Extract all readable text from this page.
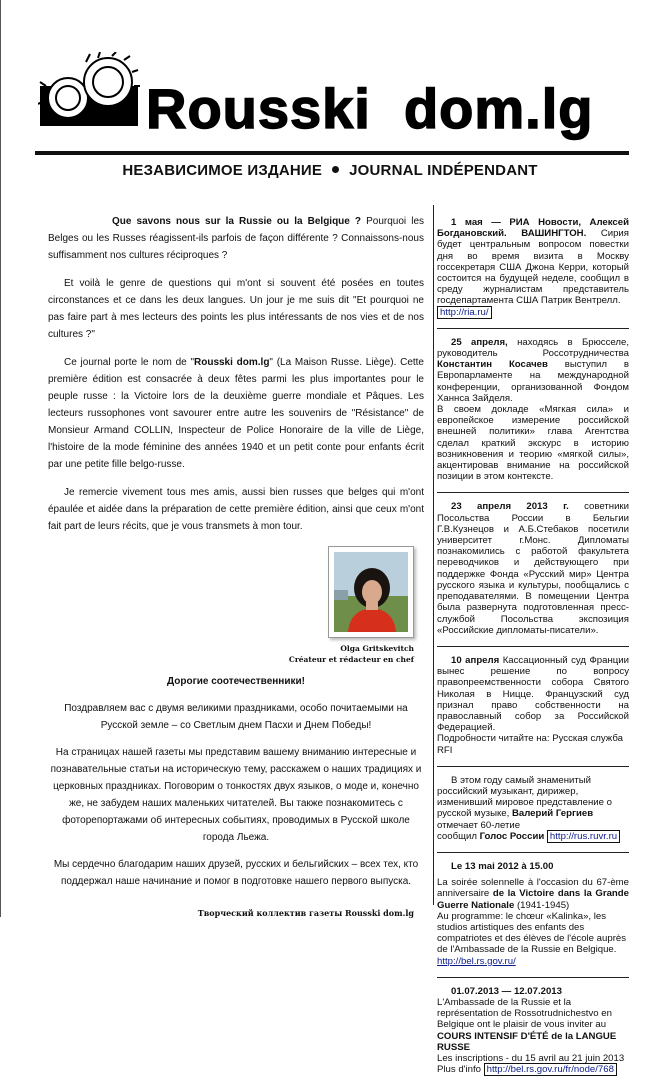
Rousski  dom.lg
НЕЗАВИСИМОЕ ИЗДАНИЕ JOURNAL INDÉPENDANT
Que savons nous sur la Russie ou la Belgique ? Pourquoi les Belges ou les Russes réagissent-ils parfois de façon différente ? Connaissons-nous suffisamment nos cultures réciproques ?
Et voilà le genre de questions qui m'ont si souvent été posées en toutes circonstances et ce dans les deux langues. Un jour je me suis dit "Et pourquoi ne pas faire part à mes lecteurs des points les plus intéressants de nos vies et de nos cultures ?"
Ce journal porte le nom de "Rousski dom.lg" (La Maison Russe. Liège). Cette première édition est consacrée à deux fêtes parmi les plus importantes pour le peuple russe : la Victoire lors de la deuxième guerre mondiale et Pâques. Les lecteurs russophones vont savourer entre autre les souvenirs de "Résistance" de Monsieur Armand COLLIN, Inspecteur de Police Honoraire de la ville de Liège, l'histoire de la mode féminine des années 1940 et un petit conte pour enfants écrit par une petite fille belgo-russe.
Je remercie vivement tous mes amis, aussi bien russes que belges qui m'ont épaulée et aidée dans la préparation de cette première édition, ainsi que ceux m'ont fait part de leurs récits, que je vous transmets à mon tour.
Olga Gritskevitch
Créateur et rédacteur en chef
Дорогие соотечественники!
Поздравляем вас с двумя великими праздниками, особо почитаемыми на Русской земле – со Светлым днем Пасхи и Днем Победы!
На страницах нашей газеты мы представим вашему вниманию интересные и познавательные статьи на историческую тему, расскажем о наших традициях и церковных праздниках. Поговорим о тонкостях двух языков, о моде и, конечно же, не забудем наших маленьких читателей. Вы также познакомитесь с фоторепортажами об интересных событиях, проводимых в Русской школе города Льежа.
Мы сердечно благодарим наших друзей, русских и бельгийских – всех тех, кто поддержал наше начинание и помог в подготовке нашего первого выпуска.
Творческий коллектив газеты Rousski dom.lg
1 мая — РИА Новости, Алексей Богдановский. ВАШИНГТОН. Сирия будет центральным вопросом повестки дня во время визита в Москву госсекретаря США Джона Керри, который состоится на будущей неделе, сообщил в среду журналистам представитель госдепартамента США Патрик Вентрелл.
http://ria.ru/
25 апреля, находясь в Брюсселе, руководитель Россотрудничества Константин Косачев выступил в Европарламенте на международной конференции, организованной Фондом Ханнса Зайделя.
В своем докладе «Мягкая сила» и европейское измерение российской внешней политики» глава Агентства сделал краткий экскурс в историю возникновения и теорию «мягкой силы», акцентировав внимание на российской позиции в этом контексте.
23 апреля 2013 г. советники Посольства России в Бельгии Г.В.Кузнецов и А.Б.Стебаков посетили университет г.Монс. Дипломаты познакомились с работой факультета переводчиков и действующего при поддержке Фонда «Русский мир» Центра русского языка и культуры, пообщались с преподавателями. В помещении Центра была развернута подготовленная пресс-службой Посольства экспозиция «Российские дипломаты-писатели».
10 апреля Кассационный суд Франции вынес решение по вопросу правопреемственности собора Святого Николая в Ницце. Французский суд признал право собственности на православный собор за Российской Федерацией.
Подробности читайте на: Русская служба RFI
В этом году самый знаменитый российский музыкант, дирижер, изменивший мировое представление о русской музыке, Валерий Гергиев отмечает 60-летие
сообщил Голос России http://rus.ruvr.ru
Le 13 mai 2012 à 15.00
La soirée solennelle à l'occasion du 67-ème anniversaire de la Victoire dans la Grande Guerre Nationale (1941-1945)
Au programme: le chœur «Kalinka», les studios artistiques des enfants des compatriotes et des élèves de l'école auprès de l'Ambassade de la Russie en Belgique.
http://bel.rs.gov.ru/
01.07.2013 — 12.07.2013
L'Ambassade de la Russie et la représentation de Rossotrudnichestvo en Belgique ont le plaisir de vous inviter au
COURS INTENSIF D'ÉTÉ de la LANGUE RUSSE
Les inscriptions - du 15 avril au 21 juin 2013
Plus d'info http://bel.rs.gov.ru/fr/node/768
